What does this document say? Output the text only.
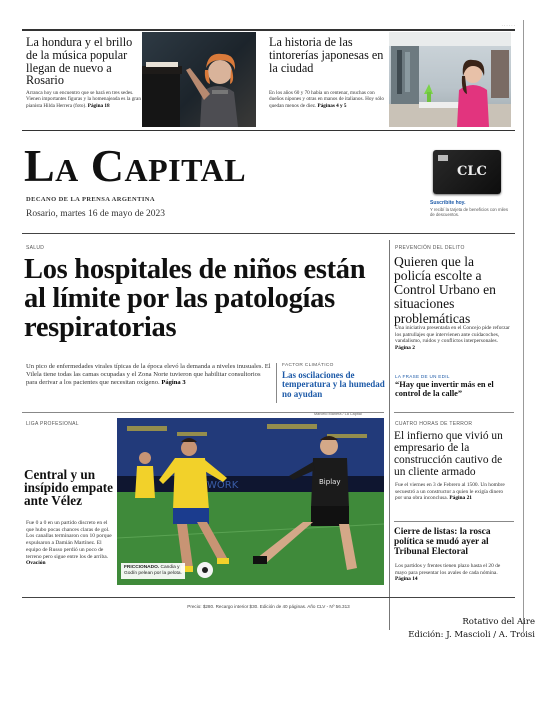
· · · · · ·
La hondura y el brillo de la música popular llegan de nuevo a Rosario
Arranca hoy un encuentro que se hará en tres sedes. Vienen importantes figuras y la homenajeada es la gran pianista Hilda Herrera (foto). Página 18
La historia de las tintorerías japonesas en la ciudad
En los años 60 y 70 había un centenar, muchas con dueños nipones y otras en manos de italianos. Hoy sólo quedan menos de diez. Páginas 4 y 5
La Capital
DECANO DE LA PRENSA ARGENTINA
Rosario, martes 16 de mayo de 2023
CLC
Suscribite hoy.
Y recibí la tarjeta de beneficios con miles de descuentos.
SALUD
Los hospitales de niños están al límite por las patologías respiratorias
Un pico de enfermedades virales típicas de la época elevó la demanda a niveles inusuales. El Vilela tiene todas las camas ocupadas y el Zona Norte tuvieron que habilitar consultorios para derivar a los pacientes que necesitan oxígeno. Página 3
FACTOR CLIMÁTICO
Las oscilaciones de temperatura y la humedad no ayudan
PREVENCIÓN DEL DELITO
Quieren que la policía escolte a Control Urbano en situaciones problemáticas
Una iniciativa presentada en el Concejo pide reforzar los patrullajes que intervienen ante cuidacoches, vandalismo, ruidos y conflictos interpersonales. Página 2
LA FRASE DE UN EDIL
“Hay que invertir más en el control de la calle”
LIGA PROFESIONAL
Central y un insípido empate ante Vélez
Fue 0 a 0 en un partido discreto en el que hubo pocas chances claras de gol. Los canallas terminaron con 10 porque expulsaron a Damián Martínez. El equipo de Russo perdió un poco de terreno pero sigue entre los de arriba. Ovación
Marcelo Manera / La Capital
WORK	Biplay
FRICCIONADO. Candia y Godín pelean por la pelota.
CUATRO HORAS DE TERROR
El infierno que vivió un empresario de la construcción cautivo de un cliente armado
Fue el viernes en 3 de Febrero al 1500. Un hombre secuestró a un constructor a quien le exigía dinero por una obra inconclusa. Página 21
Cierre de listas: la rosca política se mudó ayer al Tribunal Electoral
Los partidos y frentes tienen plazo hasta el 20 de mayo para presentar los avales de cada nómina. Página 14
Precio: $280. Recargo interior $30. Edición de 40 páginas. Año CLV - Nº 56.313
Rotativo del Aire
Edición: J. Mascioli / A. Troisi
